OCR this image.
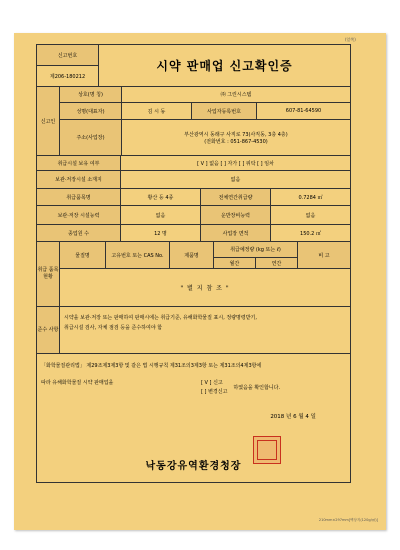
(앞쪽)
210mm×297mm[백상지(120g/㎡)]
신고번호
제206-180212
시약 판매업 신고확인증
신고인
상호(명 칭)	㈜ 그린시스템
성명(대표자)	김 시 동	사업자등록번호	607-81-64590
주소(사업장)
부산광역시 동래구 사직로 73(사직동, 3층 4층)
(전화번호 : 051-867-4530)
취급시설 보유 여부	[ V ] 없음 [ ] 자가 [ ] 위탁 [ ] 임차
보관·저장시설 소재지	없음
취급품목명	황산 등 4종	전체연간취급량	0.7284 ㎥
보관·저장 시설능력	없음	운반장비능력	없음
종업원 수	12 명	사업장 면적	150.2 ㎡
취급 품목 현황
물질명	고유번호 또는 CAS No.	제품명
취급예정량 (kg 또는 ℓ)
월간	연간
비 고
" 별 지 참 조 "
준수 사항
시약을 보관·저장 또는 판매하여 판매시에는 취급기준, 유해화학물질 표시, 정량명령받기,
취급시설 검사, 자체 점검 등을 준수하여야 함
「화학물질관리법」 제29조제3제3항 및 같은 법 시행규칙 제31조의3제3항 또는 제31조의4제3항에
따라 유해화학물질 시약 판매업을	[ V ] 신고
[ ] 변경신고
하였음을 확인합니다.
2018 년 6 월 4 일
낙동강유역환경청장
